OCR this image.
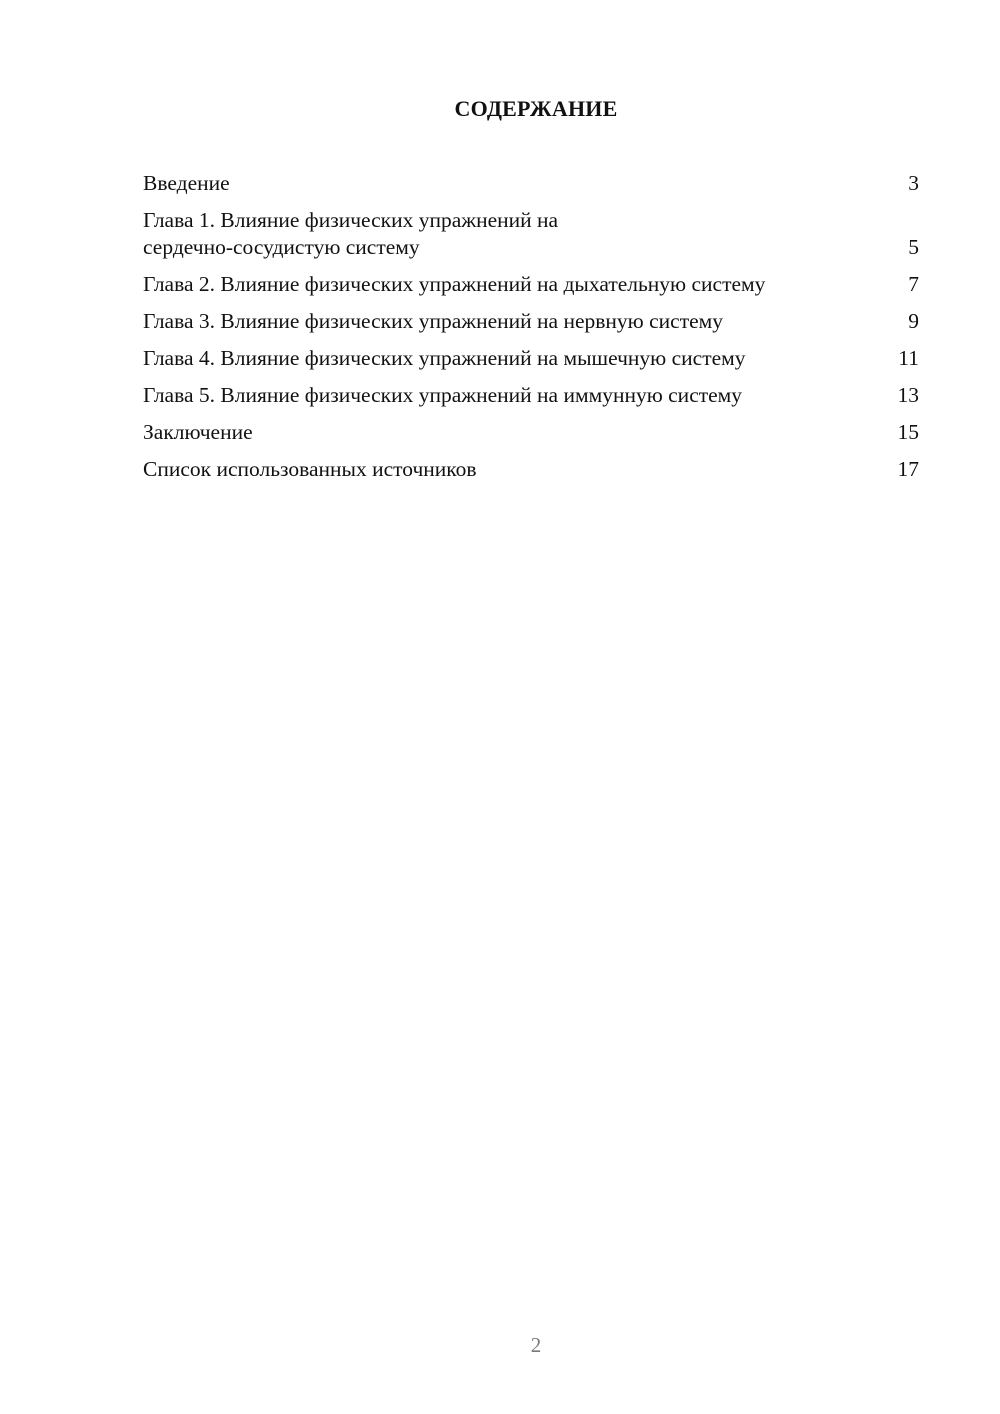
СОДЕРЖАНИЕ
Введение	3
Глава 1. Влияние физических упражнений на сердечно-сосудистую систему	5
Глава 2. Влияние физических упражнений на дыхательную систему	7
Глава 3. Влияние физических упражнений на нервную систему	9
Глава 4. Влияние физических упражнений на мышечную систему	11
Глава 5. Влияние физических упражнений на иммунную систему	13
Заключение	15
Список использованных источников	17
2
